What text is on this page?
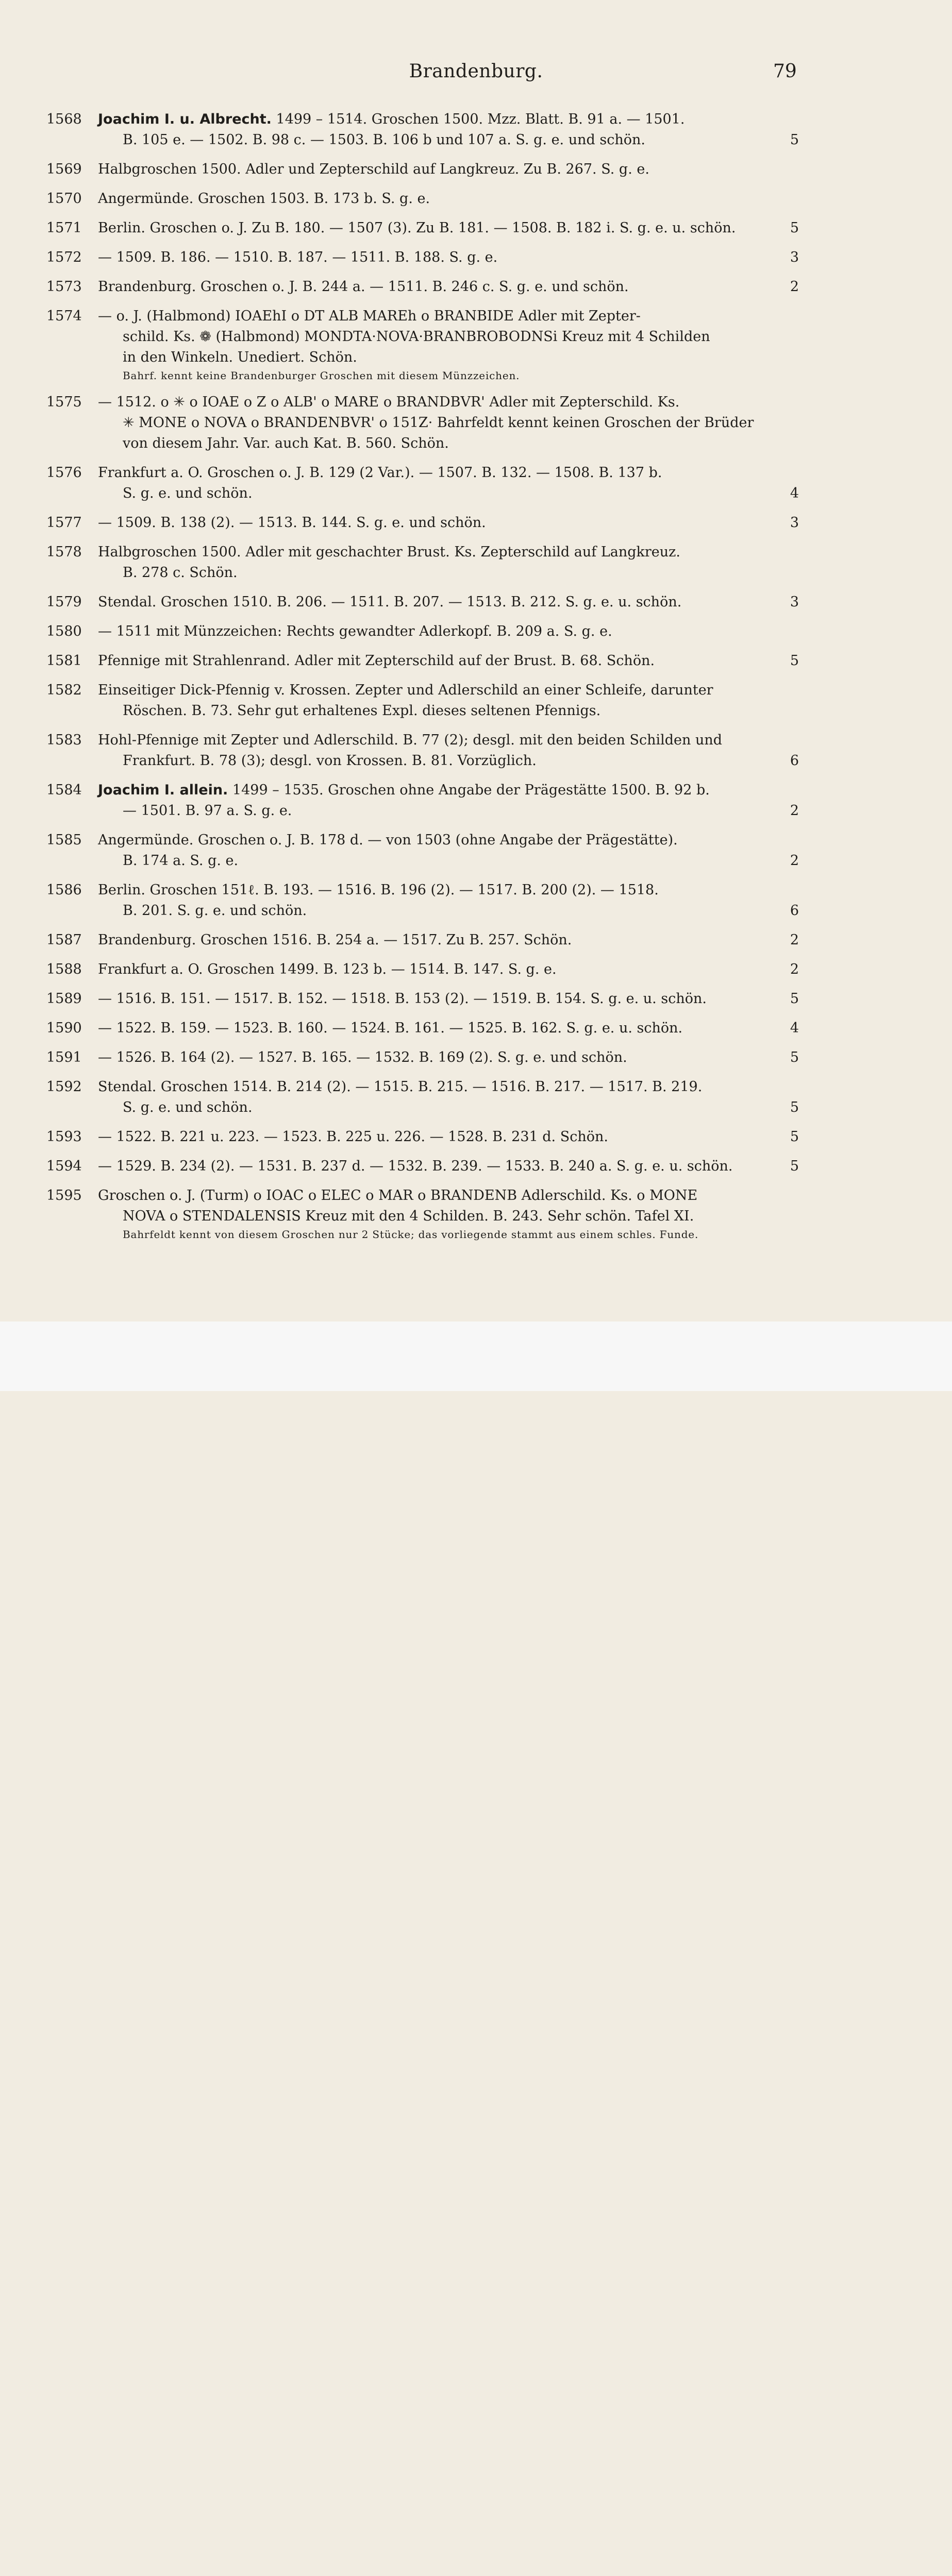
Brandenburg.	79
1568	Joachim I. u. Albrecht. 1499 – 1514. Groschen 1500. Mzz. Blatt. B. 91 a. — 1501.
B. 105 e. — 1502. B. 98 c. — 1503. B. 106 b und 107 a. S. g. e. und schön.	5
1569	Halbgroschen 1500. Adler und Zepterschild auf Langkreuz. Zu B. 267. S. g. e.
1570	Angermünde. Groschen 1503. B. 173 b. S. g. e.
1571	Berlin. Groschen o. J. Zu B. 180. — 1507 (3). Zu B. 181. — 1508. B. 182 i. S. g. e. u. schön.	5
1572	— 1509. B. 186. — 1510. B. 187. — 1511. B. 188. S. g. e.	3
1573	Brandenburg. Groschen o. J. B. 244 a. — 1511. B. 246 c. S. g. e. und schön.	2
1574	— o. J. (Halbmond) IOAEhI o DT ALB MAREh o BRANBIDE Adler mit Zepter-
schild. Ks. ❁ (Halbmond) MONDTA·NOVA·BRANBROBODNSi Kreuz mit 4 Schilden
in den Winkeln. Unediert. Schön.
Bahrf. kennt keine Brandenburger Groschen mit diesem Münzzeichen.
1575	— 1512. o ✳ o IOAE o Z o ALB' o MARE o BRANDBVR' Adler mit Zepterschild. Ks.
✳ MONE o NOVA o BRANDENBVR' o 151Z· Bahrfeldt kennt keinen Groschen der Brüder
von diesem Jahr. Var. auch Kat. B. 560. Schön.
1576	Frankfurt a. O. Groschen o. J. B. 129 (2 Var.). — 1507. B. 132. — 1508. B. 137 b.
S. g. e. und schön.	4
1577	— 1509. B. 138 (2). — 1513. B. 144. S. g. e. und schön.	3
1578	Halbgroschen 1500. Adler mit geschachter Brust. Ks. Zepterschild auf Langkreuz.
B. 278 c. Schön.
1579	Stendal. Groschen 1510. B. 206. — 1511. B. 207. — 1513. B. 212. S. g. e. u. schön.	3
1580	— 1511 mit Münzzeichen: Rechts gewandter Adlerkopf. B. 209 a. S. g. e.
1581	Pfennige mit Strahlenrand. Adler mit Zepterschild auf der Brust. B. 68. Schön.	5
1582	Einseitiger Dick-Pfennig v. Krossen. Zepter und Adlerschild an einer Schleife, darunter
Röschen. B. 73. Sehr gut erhaltenes Expl. dieses seltenen Pfennigs.
1583	Hohl-Pfennige mit Zepter und Adlerschild. B. 77 (2); desgl. mit den beiden Schilden und
Frankfurt. B. 78 (3); desgl. von Krossen. B. 81. Vorzüglich.	6
1584	Joachim I. allein. 1499 – 1535. Groschen ohne Angabe der Prägestätte 1500. B. 92 b.
— 1501. B. 97 a. S. g. e.	2
1585	Angermünde. Groschen o. J. B. 178 d. — von 1503 (ohne Angabe der Prägestätte).
B. 174 a. S. g. e.	2
1586	Berlin. Groschen 151ℓ. B. 193. — 1516. B. 196 (2). — 1517. B. 200 (2). — 1518.
B. 201. S. g. e. und schön.	6
1587	Brandenburg. Groschen 1516. B. 254 a. — 1517. Zu B. 257. Schön.	2
1588	Frankfurt a. O. Groschen 1499. B. 123 b. — 1514. B. 147. S. g. e.	2
1589	— 1516. B. 151. — 1517. B. 152. — 1518. B. 153 (2). — 1519. B. 154. S. g. e. u. schön.	5
1590	— 1522. B. 159. — 1523. B. 160. — 1524. B. 161. — 1525. B. 162. S. g. e. u. schön.	4
1591	— 1526. B. 164 (2). — 1527. B. 165. — 1532. B. 169 (2). S. g. e. und schön.	5
1592	Stendal. Groschen 1514. B. 214 (2). — 1515. B. 215. — 1516. B. 217. — 1517. B. 219.
S. g. e. und schön.	5
1593	— 1522. B. 221 u. 223. — 1523. B. 225 u. 226. — 1528. B. 231 d. Schön.	5
1594	— 1529. B. 234 (2). — 1531. B. 237 d. — 1532. B. 239. — 1533. B. 240 a. S. g. e. u. schön.	5
1595	Groschen o. J. (Turm) o IOAC o ELEC o MAR o BRANDENB Adlerschild. Ks. o MONE
NOVA o STENDALENSIS Kreuz mit den 4 Schilden. B. 243. Sehr schön. Tafel XI.
Bahrfeldt kennt von diesem Groschen nur 2 Stücke; das vorliegende stammt aus einem schles. Funde.
